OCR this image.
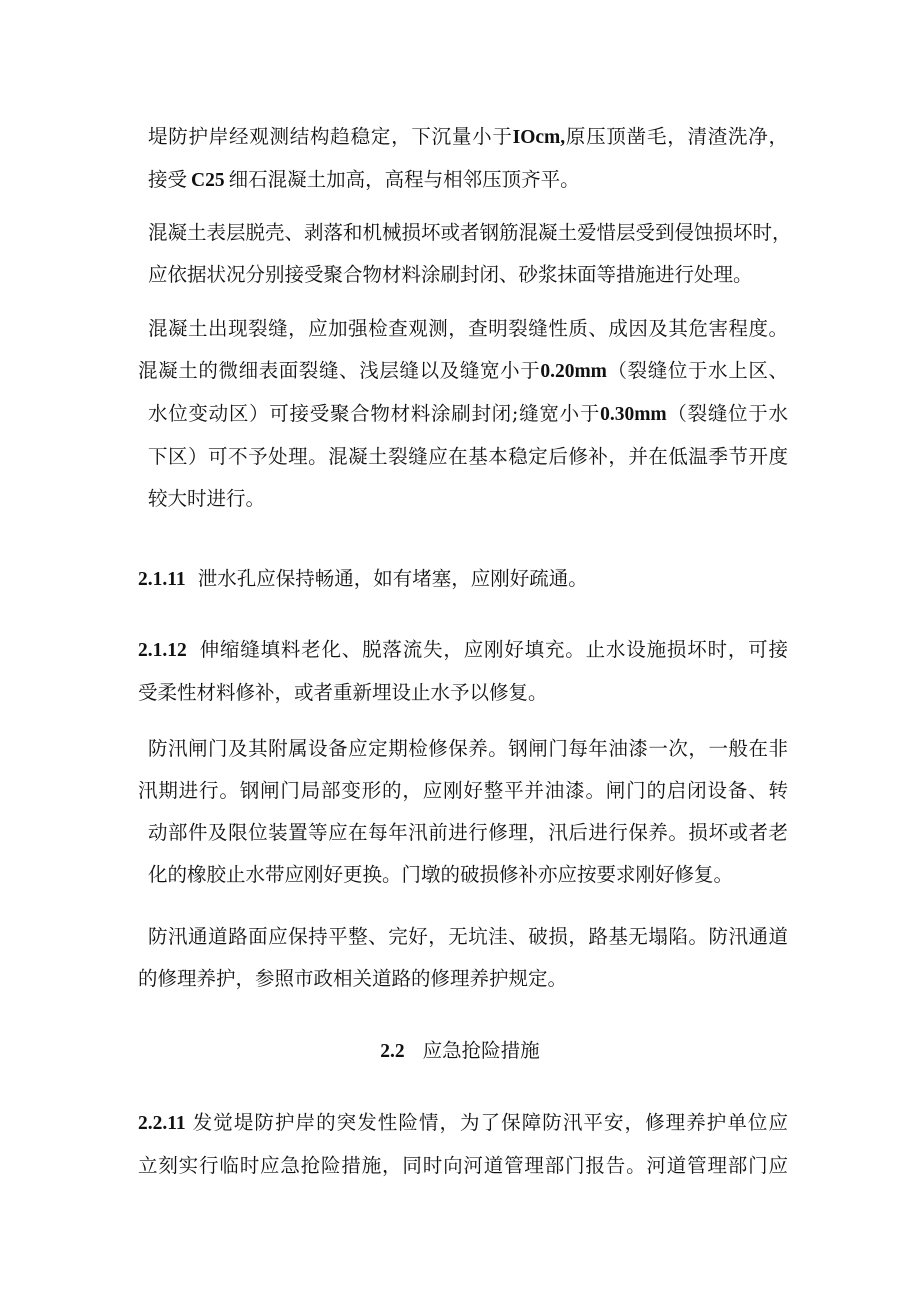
堤防护岸经观测结构趋稳定，下沉量小于IOcm,原压顶凿毛，清渣洗净，
接受 C25 细石混凝土加高，高程与相邻压顶齐平。
混凝土表层脱壳、剥落和机械损坏或者钢筋混凝土爱惜层受到侵蚀损坏时，
应依据状况分别接受聚合物材料涂刷封闭、砂浆抹面等措施进行处理。
混凝土出现裂缝，应加强检查观测，查明裂缝性质、成因及其危害程度。
混凝土的微细表面裂缝、浅层缝以及缝宽小于0.20mm（裂缝位于水上区、
水位变动区）可接受聚合物材料涂刷封闭;缝宽小于0.30mm（裂缝位于水
下区）可不予处理。混凝土裂缝应在基本稳定后修补，并在低温季节开度
较大时进行。
2.1.11 泄水孔应保持畅通，如有堵塞，应刚好疏通。
2.1.12 伸缩缝填料老化、脱落流失，应刚好填充。止水设施损坏时，可接
受柔性材料修补，或者重新埋设止水予以修复。
防汛闸门及其附属设备应定期检修保养。钢闸门每年油漆一次，一般在非
汛期进行。钢闸门局部变形的，应刚好整平并油漆。闸门的启闭设备、转
动部件及限位装置等应在每年汛前进行修理，汛后进行保养。损坏或者老
化的橡胶止水带应刚好更换。门墩的破损修补亦应按要求刚好修复。
防汛通道路面应保持平整、完好，无坑洼、破损，路基无塌陷。防汛通道
的修理养护，参照市政相关道路的修理养护规定。
2.2 应急抢险措施
2.2.11 发觉堤防护岸的突发性险情，为了保障防汛平安，修理养护单位应
立刻实行临时应急抢险措施，同时向河道管理部门报告。河道管理部门应
